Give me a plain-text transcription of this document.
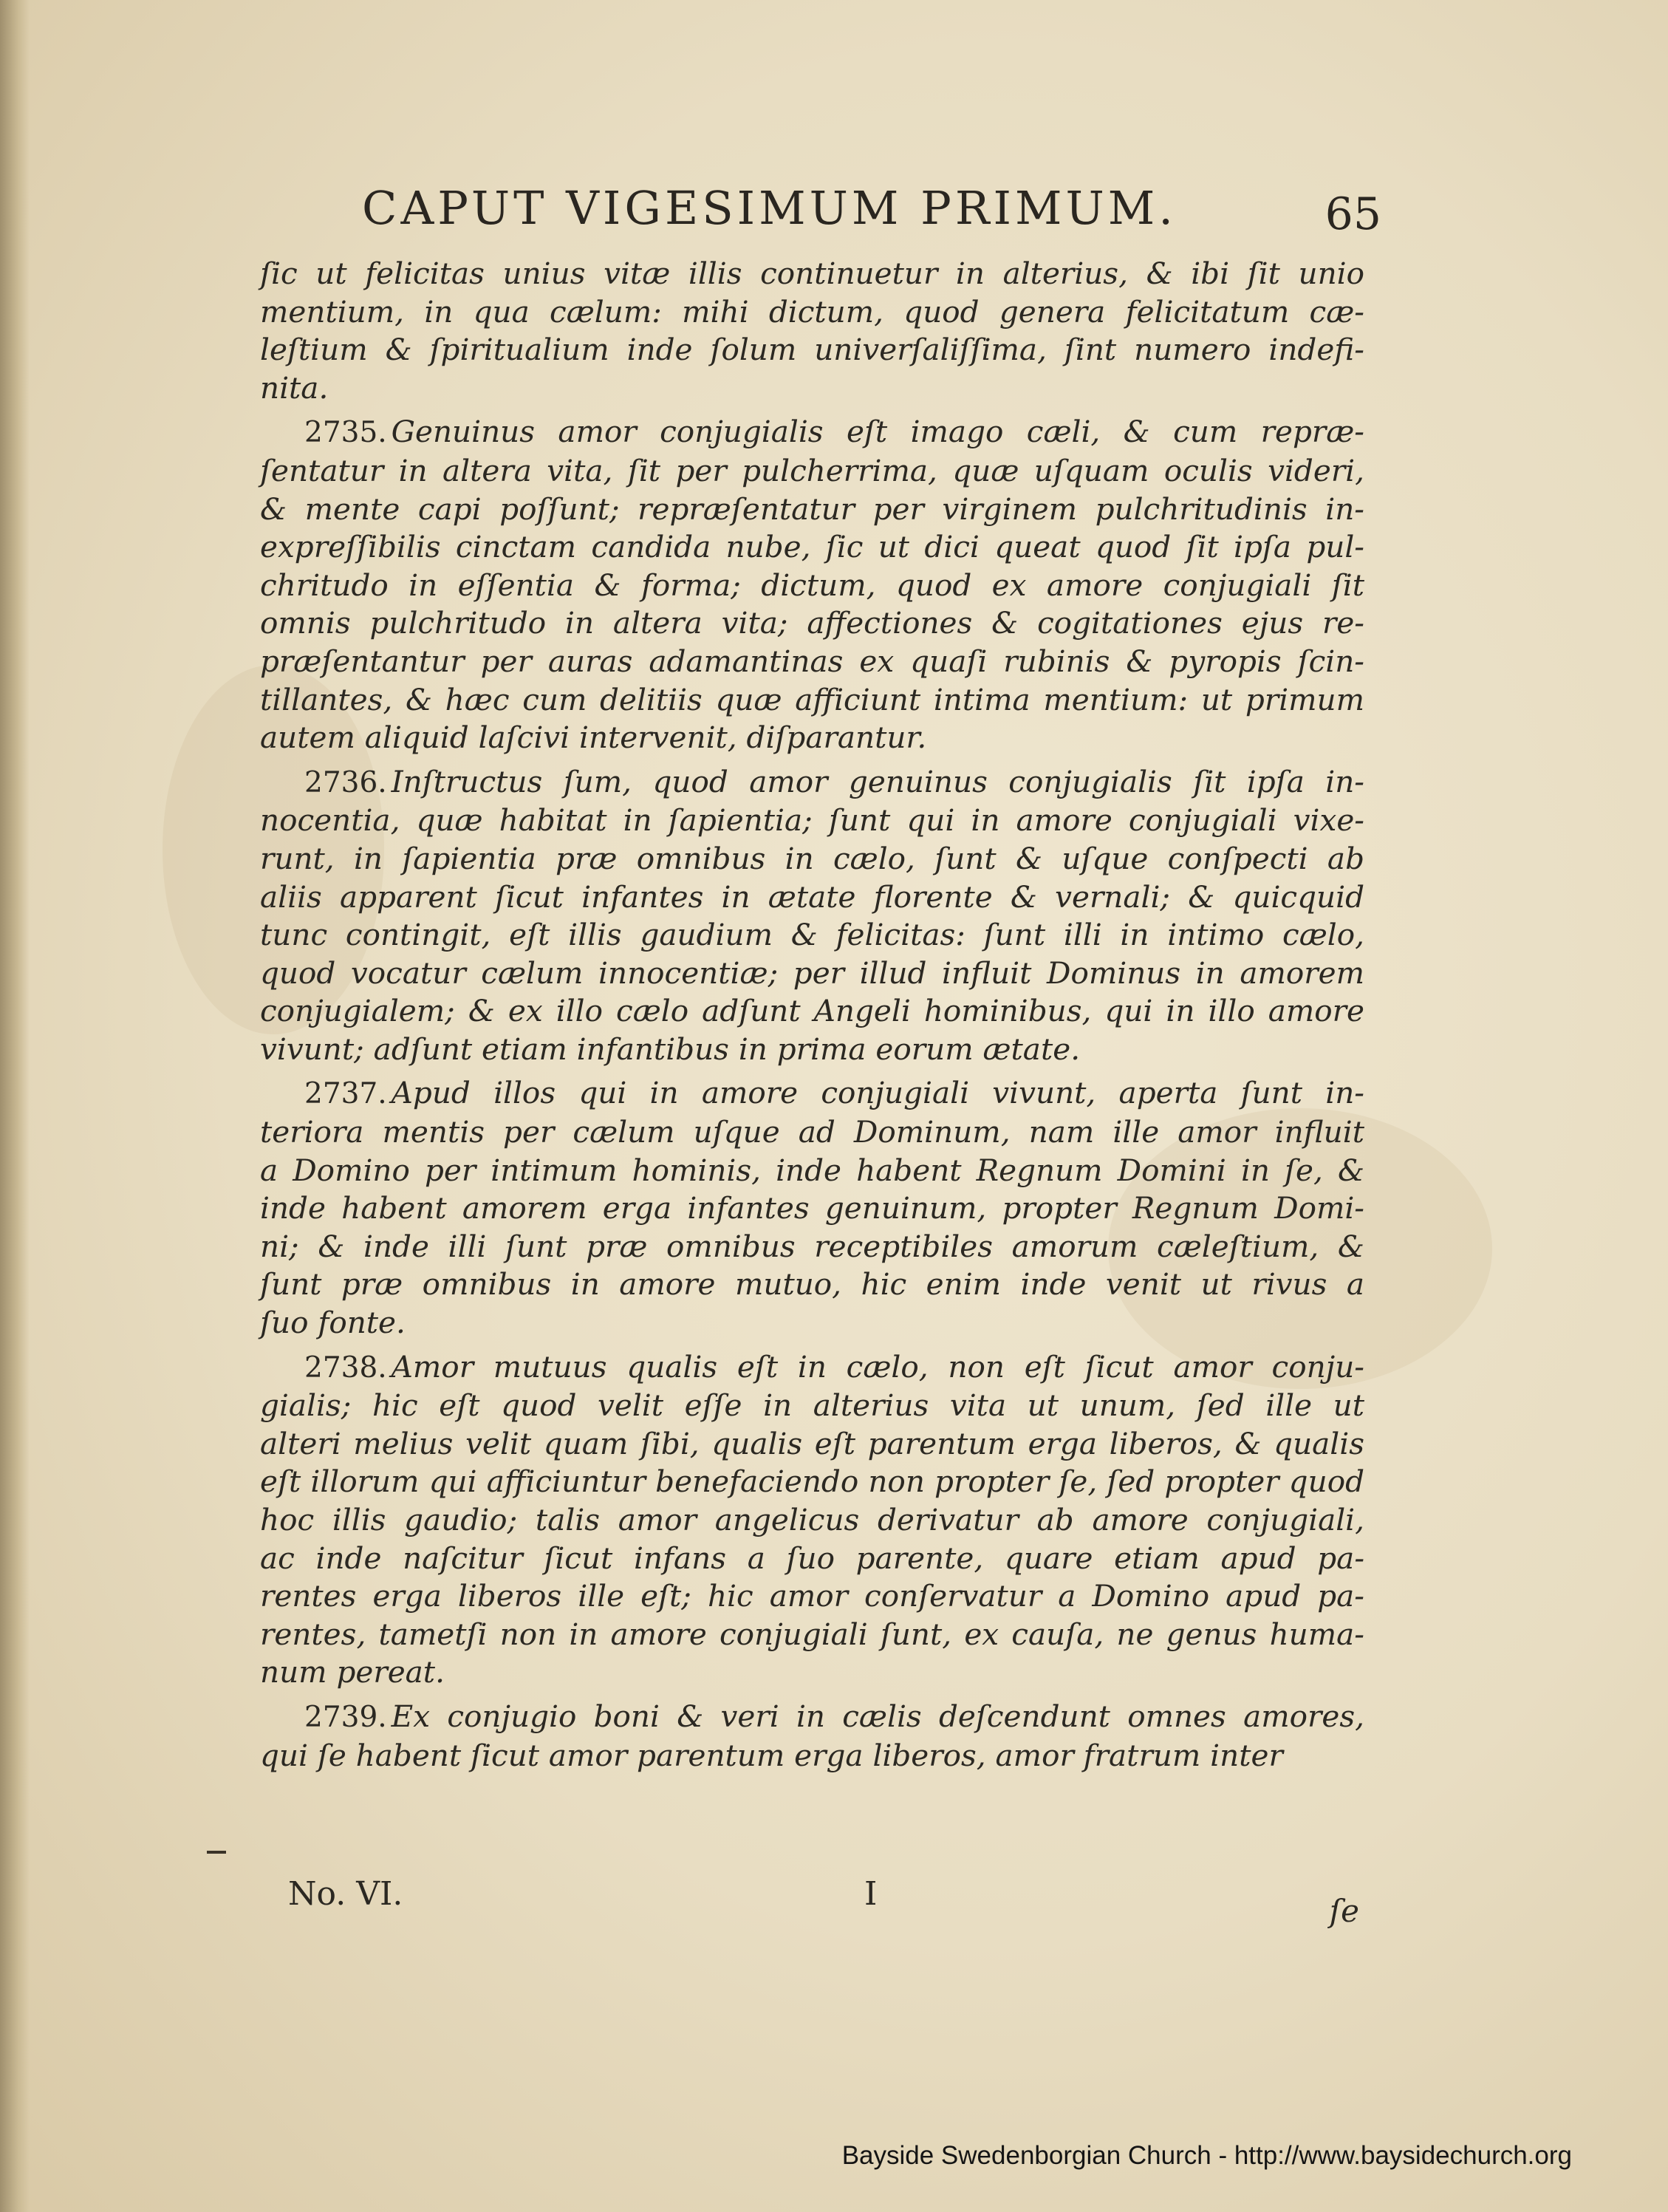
CAPUT VIGESIMUM PRIMUM.	65
ſic ut felicitas unius vitæ illis continuetur in alterius, & ibi ſit unio
mentium, in qua cælum: mihi dictum, quod genera felicitatum cæ-
leſtium & ſpiritualium inde ſolum univerſaliſſima, ſint numero indefi-
nita.
2735. Genuinus amor conjugialis eſt imago cæli, & cum repræ-
ſentatur in altera vita, ſit per pulcherrima, quæ uſquam oculis videri,
& mente capi poſſunt; repræſentatur per virginem pulchritudinis in-
expreſſibilis cinctam candida nube, ſic ut dici queat quod ſit ipſa pul-
chritudo in eſſentia & forma; dictum, quod ex amore conjugiali ſit
omnis pulchritudo in altera vita; affectiones & cogitationes ejus re-
præſentantur per auras adamantinas ex quaſi rubinis & pyropis ſcin-
tillantes, & hæc cum delitiis quæ afficiunt intima mentium: ut primum
autem aliquid laſcivi intervenit, diſparantur.
2736. Inſtructus ſum, quod amor genuinus conjugialis ſit ipſa in-
nocentia, quæ habitat in ſapientia; ſunt qui in amore conjugiali vixe-
runt, in ſapientia præ omnibus in cælo, ſunt & uſque conſpecti ab
aliis apparent ſicut infantes in ætate florente & vernali; & quicquid
tunc contingit, eſt illis gaudium & felicitas: ſunt illi in intimo cælo,
quod vocatur cælum innocentiæ; per illud influit Dominus in amorem
conjugialem; & ex illo cælo adſunt Angeli hominibus, qui in illo amore
vivunt; adſunt etiam infantibus in prima eorum ætate.
2737. Apud illos qui in amore conjugiali vivunt, aperta ſunt in-
teriora mentis per cælum uſque ad Dominum, nam ille amor influit
a Domino per intimum hominis, inde habent Regnum Domini in ſe, &
inde habent amorem erga infantes genuinum, propter Regnum Domi-
ni; & inde illi ſunt præ omnibus receptibiles amorum cæleſtium, &
ſunt præ omnibus in amore mutuo, hic enim inde venit ut rivus a
ſuo fonte.
2738. Amor mutuus qualis eſt in cælo, non eſt ſicut amor conju-
gialis; hic eſt quod velit eſſe in alterius vita ut unum, ſed ille ut
alteri melius velit quam ſibi, qualis eſt parentum erga liberos, & qualis
eſt illorum qui afficiuntur benefaciendo non propter ſe, ſed propter quod
hoc illis gaudio; talis amor angelicus derivatur ab amore conjugiali,
ac inde naſcitur ſicut infans a ſuo parente, quare etiam apud pa-
rentes erga liberos ille eſt; hic amor conſervatur a Domino apud pa-
rentes, tametſi non in amore conjugiali ſunt, ex cauſa, ne genus huma-
num pereat.
2739. Ex conjugio boni & veri in cælis deſcendunt omnes amores,
qui ſe habent ſicut amor parentum erga liberos, amor fratrum inter
No. VI.	I	ſe
Bayside Swedenborgian Church - http://www.baysidechurch.org
